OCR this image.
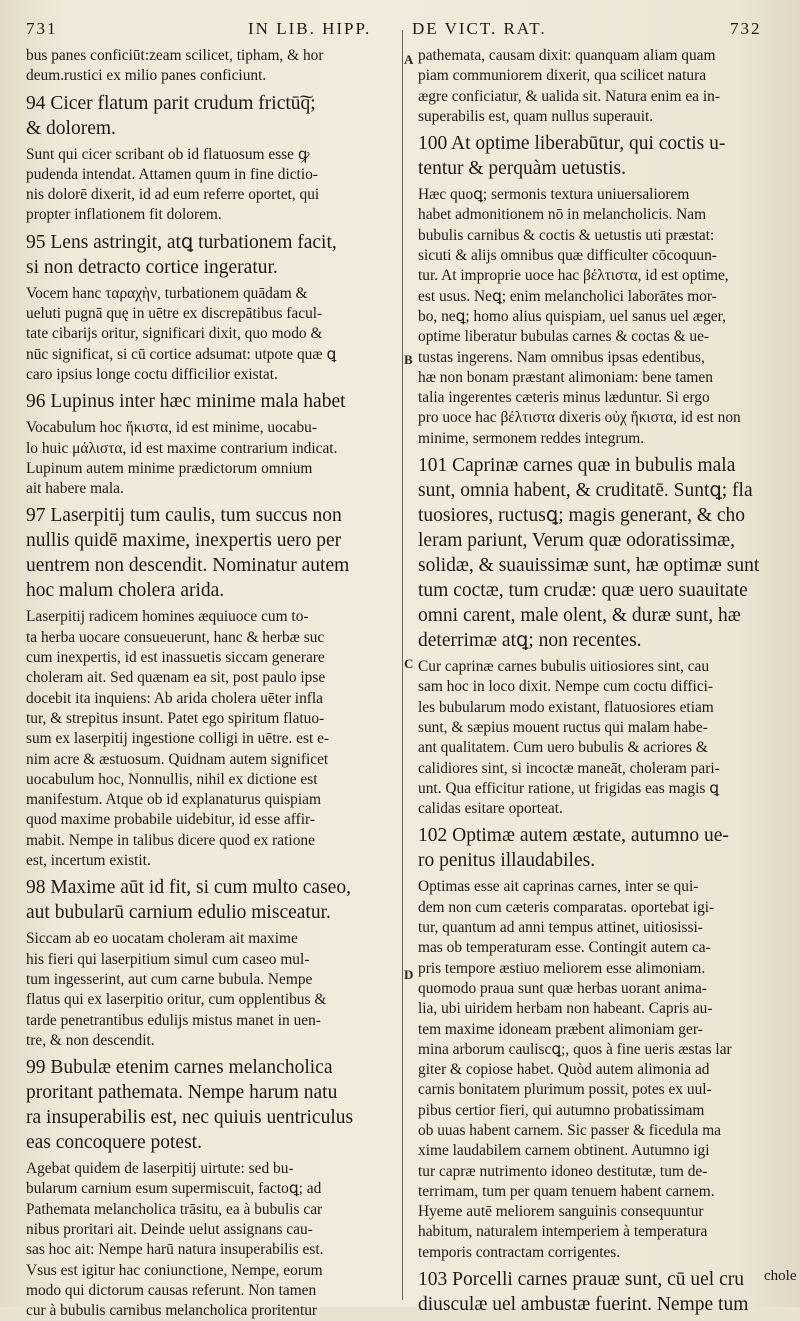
731	IN LIB. HIPP. DE VICT. RAT.	732
A
B
C
D
bus panes conficiūt:zeam scilicet, tipham, & hor
deum.rustici ex milio panes conficiunt.
94 Cicer flatum parit crudum frictū͠q;
& dolorem.
Sunt qui cicer scribant ob id flatuosum esse ꝙ
pudenda intendat. Attamen quum in fine dictio-
nis dolorē dixerit, id ad eum referre oportet, qui
propter inflationem fit dolorem.
95 Lens astringit, atꝗ turbationem facit,
si non detracto cortice ingeratur.
Vocem hanc ταραχὴν, turbationem quādam &
ueluti pugnā quę in uētre ex discrepātibus facul-
tate cibarijs oritur, significari dixit, quo modo &
nūc significat, si cū cortice adsumat: utpote quæ ꝗ
caro ipsius longe coctu difficilior existat.
96 Lupinus inter hæc minime mala habet
Vocabulum hoc ἥκιστα, id est minime, uocabu-
lo huic μάλιστα, id est maxime contrarium indicat.
Lupinum autem minime prædictorum omnium
ait habere mala.
97 Laserpitij tum caulis, tum succus non
nullis quidē maxime, inexpertis uero per
uentrem non descendit. Nominatur autem
hoc malum cholera arida.
Laserpitij radicem homines æquiuoce cum to-
ta herba uocare consueuerunt, hanc & herbæ suc
cum inexpertis, id est inassuetis siccam generare
choleram ait. Sed quænam ea sit, post paulo ipse
docebit ita inquiens: Ab arida cholera uēter infla
tur, & strepitus insunt. Patet ego spiritum flatuo-
sum ex laserpitij ingestione colligi in uētre. est e-
nim acre & æstuosum. Quidnam autem significet
uocabulum hoc, Nonnullis, nihil ex dictione est
manifestum. Atque ob id explanaturus quispiam
quod maxime probabile uidebitur, id esse affir-
mabit. Nempe in talibus dicere quod ex ratione
est, incertum existit.
98 Maxime aūt id fit, si cum multo caseo,
aut bubularū carnium edulio misceatur.
Siccam ab eo uocatam choleram ait maxime
his fieri qui laserpitium simul cum caseo mul-
tum ingesserint, aut cum carne bubula. Nempe
flatus qui ex laserpitio oritur, cum opplentibus &
tarde penetrantibus edulijs mistus manet in uen-
tre, & non descendit.
99 Bubulæ etenim carnes melancholica
proritant pathemata. Nempe harum natu
ra insuperabilis est, nec quiuis uentriculus
eas concoquere potest.
Agebat quidem de laserpitij uirtute: sed bu-
bularum carnium esum supermiscuit, factoꝗ; ad
Pathemata melancholica trāsitu, ea à bubulis car
nibus proritari ait. Deinde uelut assignans cau-
sas hoc ait: Nempe harū natura insuperabilis est.
Vsus est igitur hac coniunctione, Nempe, eorum
modo qui dictorum causas referunt. Non tamen
cur à bubulis carnibus melancholica proritentur
pathemata, causam dixit: quanquam aliam quam
piam communiorem dixerit, qua scilicet natura
ægre conficiatur, & ualida sit. Natura enim ea in-
superabilis est, quam nullus superauit.
100 At optime liberabūtur, qui coctis u-
tentur & perquàm uetustis.
Hæc quoꝗ; sermonis textura uniuersaliorem
habet admonitionem nō in melancholicis. Nam
bubulis carnibus & coctis & uetustis uti præstat:
sicuti & alijs omnibus quæ difficulter cōcoquun-
tur. At improprie uoce hac βέλτιστα, id est optime,
est usus. Neꝗ; enim melancholici laborātes mor-
bo, neꝗ; homo alius quispiam, uel sanus uel æger,
optime liberatur bubulas carnes & coctas & ue-
tustas ingerens. Nam omnibus ipsas edentibus,
hæ non bonam præstant alimoniam: bene tamen
talia ingerentes cæteris minus læduntur. Si ergo
pro uoce hac βέλτιστα dixeris οὐχ ἥκιστα, id est non
minime, sermonem reddes integrum.
101 Caprinæ carnes quæ in bubulis mala
sunt, omnia habent, & cruditatē. Suntꝗ; fla
tuosiores, ructusꝗ; magis generant, & cho
leram pariunt, Verum quæ odoratissimæ,
solidæ, & suauissimæ sunt, hæ optimæ sunt
tum coctæ, tum crudæ: quæ uero suauitate
omni carent, male olent, & duræ sunt, hæ
deterrimæ atꝗ; non recentes.
Cur caprinæ carnes bubulis uitiosiores sint, cau
sam hoc in loco dixit. Nempe cum coctu diffici-
les bubularum modo existant, flatuosiores etiam
sunt, & sæpius mouent ructus qui malam habe-
ant qualitatem. Cum uero bubulis & acriores &
calidiores sint, si incoctæ maneāt, choleram pari-
unt. Qua efficitur ratione, ut frigidas eas magis ꝗ
calidas esitare oporteat.
102 Optimæ autem æstate, autumno ue-
ro penitus illaudabiles.
Optimas esse ait caprinas carnes, inter se qui-
dem non cum cæteris comparatas. oportebat igi-
tur, quantum ad anni tempus attinet, uitiosissi-
mas ob temperaturam esse. Contingit autem ca-
pris tempore æstiuo meliorem esse alimoniam.
quomodo praua sunt quæ herbas uorant anima-
lia, ubi uiridem herbam non habeant. Capris au-
tem maxime idoneam præbent alimoniam ger-
mina arborum cauliscꝗ;, quos à fine ueris æstas lar
giter & copiose habet. Quòd autem alimonia ad
carnis bonitatem plurimum possit, potes ex uul-
pibus certior fieri, qui autumno probatissimam
ob uuas habent carnem. Sic passer & ficedula ma
xime laudabilem carnem obtinent. Autumno igi
tur capræ nutrimento idoneo destitutæ, tum de-
terrimam, tum per quam tenuem habent carnem.
Hyeme autē meliorem sanguinis consequuntur
habitum, naturalem intemperiem à temperatura
temporis contractam corrigentes.
103 Porcelli carnes prauæ sunt, cū uel cru
diusculæ uel ambustæ fuerint. Nempe tum
chole
